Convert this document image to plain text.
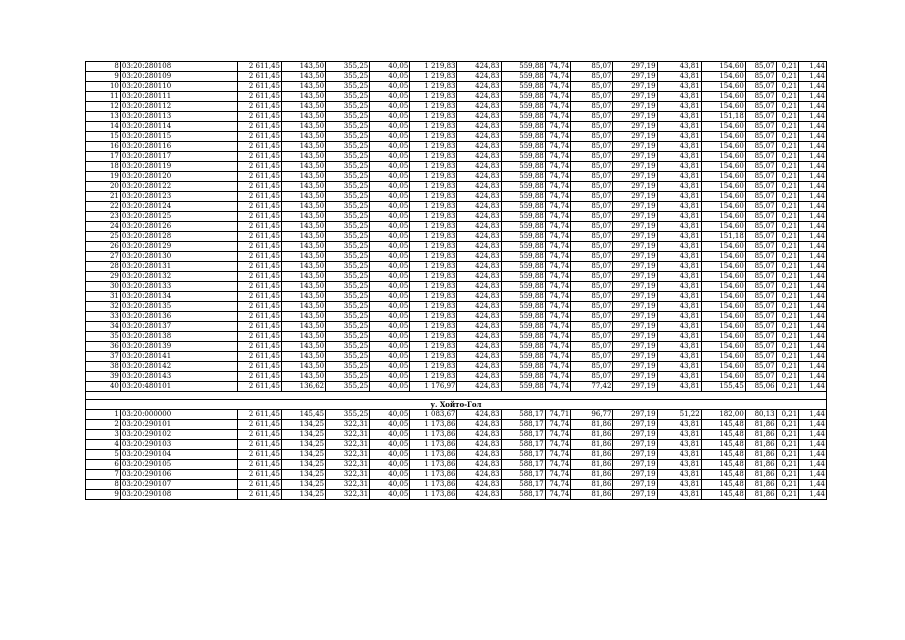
8	03:20:280108	2 611,45	143,50	355,25	40,05	1 219,83	424,83	559,88	74,74	85,07	297,19	43,81	154,60	85,07	0,21	1,44
9	03:20:280109	2 611,45	143,50	355,25	40,05	1 219,83	424,83	559,88	74,74	85,07	297,19	43,81	154,60	85,07	0,21	1,44
10	03:20:280110	2 611,45	143,50	355,25	40,05	1 219,83	424,83	559,88	74,74	85,07	297,19	43,81	154,60	85,07	0,21	1,44
11	03:20:280111	2 611,45	143,50	355,25	40,05	1 219,83	424,83	559,88	74,74	85,07	297,19	43,81	154,60	85,07	0,21	1,44
12	03:20:280112	2 611,45	143,50	355,25	40,05	1 219,83	424,83	559,88	74,74	85,07	297,19	43,81	154,60	85,07	0,21	1,44
13	03:20:280113	2 611,45	143,50	355,25	40,05	1 219,83	424,83	559,88	74,74	85,07	297,19	43,81	151,18	85,07	0,21	1,44
14	03:20:280114	2 611,45	143,50	355,25	40,05	1 219,83	424,83	559,88	74,74	85,07	297,19	43,81	154,60	85,07	0,21	1,44
15	03:20:280115	2 611,45	143,50	355,25	40,05	1 219,83	424,83	559,88	74,74	85,07	297,19	43,81	154,60	85,07	0,21	1,44
16	03:20:280116	2 611,45	143,50	355,25	40,05	1 219,83	424,83	559,88	74,74	85,07	297,19	43,81	154,60	85,07	0,21	1,44
17	03:20:280117	2 611,45	143,50	355,25	40,05	1 219,83	424,83	559,88	74,74	85,07	297,19	43,81	154,60	85,07	0,21	1,44
18	03:20:280119	2 611,45	143,50	355,25	40,05	1 219,83	424,83	559,88	74,74	85,07	297,19	43,81	154,60	85,07	0,21	1,44
19	03:20:280120	2 611,45	143,50	355,25	40,05	1 219,83	424,83	559,88	74,74	85,07	297,19	43,81	154,60	85,07	0,21	1,44
20	03:20:280122	2 611,45	143,50	355,25	40,05	1 219,83	424,83	559,88	74,74	85,07	297,19	43,81	154,60	85,07	0,21	1,44
21	03:20:280123	2 611,45	143,50	355,25	40,05	1 219,83	424,83	559,88	74,74	85,07	297,19	43,81	154,60	85,07	0,21	1,44
22	03:20:280124	2 611,45	143,50	355,25	40,05	1 219,83	424,83	559,88	74,74	85,07	297,19	43,81	154,60	85,07	0,21	1,44
23	03:20:280125	2 611,45	143,50	355,25	40,05	1 219,83	424,83	559,88	74,74	85,07	297,19	43,81	154,60	85,07	0,21	1,44
24	03:20:280126	2 611,45	143,50	355,25	40,05	1 219,83	424,83	559,88	74,74	85,07	297,19	43,81	154,60	85,07	0,21	1,44
25	03:20:280128	2 611,45	143,50	355,25	40,05	1 219,83	424,83	559,88	74,74	85,07	297,19	43,81	151,18	85,07	0,21	1,44
26	03:20:280129	2 611,45	143,50	355,25	40,05	1 219,83	424,83	559,88	74,74	85,07	297,19	43,81	154,60	85,07	0,21	1,44
27	03:20:280130	2 611,45	143,50	355,25	40,05	1 219,83	424,83	559,88	74,74	85,07	297,19	43,81	154,60	85,07	0,21	1,44
28	03:20:280131	2 611,45	143,50	355,25	40,05	1 219,83	424,83	559,88	74,74	85,07	297,19	43,81	154,60	85,07	0,21	1,44
29	03:20:280132	2 611,45	143,50	355,25	40,05	1 219,83	424,83	559,88	74,74	85,07	297,19	43,81	154,60	85,07	0,21	1,44
30	03:20:280133	2 611,45	143,50	355,25	40,05	1 219,83	424,83	559,88	74,74	85,07	297,19	43,81	154,60	85,07	0,21	1,44
31	03:20:280134	2 611,45	143,50	355,25	40,05	1 219,83	424,83	559,88	74,74	85,07	297,19	43,81	154,60	85,07	0,21	1,44
32	03:20:280135	2 611,45	143,50	355,25	40,05	1 219,83	424,83	559,88	74,74	85,07	297,19	43,81	154,60	85,07	0,21	1,44
33	03:20:280136	2 611,45	143,50	355,25	40,05	1 219,83	424,83	559,88	74,74	85,07	297,19	43,81	154,60	85,07	0,21	1,44
34	03:20:280137	2 611,45	143,50	355,25	40,05	1 219,83	424,83	559,88	74,74	85,07	297,19	43,81	154,60	85,07	0,21	1,44
35	03:20:280138	2 611,45	143,50	355,25	40,05	1 219,83	424,83	559,88	74,74	85,07	297,19	43,81	154,60	85,07	0,21	1,44
36	03:20:280139	2 611,45	143,50	355,25	40,05	1 219,83	424,83	559,88	74,74	85,07	297,19	43,81	154,60	85,07	0,21	1,44
37	03:20:280141	2 611,45	143,50	355,25	40,05	1 219,83	424,83	559,88	74,74	85,07	297,19	43,81	154,60	85,07	0,21	1,44
38	03:20:280142	2 611,45	143,50	355,25	40,05	1 219,83	424,83	559,88	74,74	85,07	297,19	43,81	154,60	85,07	0,21	1,44
39	03:20:280143	2 611,45	143,50	355,25	40,05	1 219,83	424,83	559,88	74,74	85,07	297,19	43,81	154,60	85,07	0,21	1,44
40	03:20:480101	2 611,45	136,62	355,25	40,05	1 176,97	424,83	559,88	74,74	77,42	297,19	43,81	155,45	85,06	0,21	1,44

у. Хойто-Гол																
1	03:20:000000	2 611,45	145,45	355,25	40,05	1 083,67	424,83	588,17	74,71	96,77	297,19	51,22	182,00	80,13	0,21	1,44
2	03:20:290101	2 611,45	134,25	322,31	40,05	1 173,86	424,83	588,17	74,74	81,86	297,19	43,81	145,48	81,86	0,21	1,44
3	03:20:290102	2 611,45	134,25	322,31	40,05	1 173,86	424,83	588,17	74,74	81,86	297,19	43,81	145,48	81,86	0,21	1,44
4	03:20:290103	2 611,45	134,25	322,31	40,05	1 173,86	424,83	588,17	74,74	81,86	297,19	43,81	145,48	81,86	0,21	1,44
5	03:20:290104	2 611,45	134,25	322,31	40,05	1 173,86	424,83	588,17	74,74	81,86	297,19	43,81	145,48	81,86	0,21	1,44
6	03:20:290105	2 611,45	134,25	322,31	40,05	1 173,86	424,83	588,17	74,74	81,86	297,19	43,81	145,48	81,86	0,21	1,44
7	03:20:290106	2 611,45	134,25	322,31	40,05	1 173,86	424,83	588,17	74,74	81,86	297,19	43,81	145,48	81,86	0,21	1,44
8	03:20:290107	2 611,45	134,25	322,31	40,05	1 173,86	424,83	588,17	74,74	81,86	297,19	43,81	145,48	81,86	0,21	1,44
9	03:20:290108	2 611,45	134,25	322,31	40,05	1 173,86	424,83	588,17	74,74	81,86	297,19	43,81	145,48	81,86	0,21	1,44
